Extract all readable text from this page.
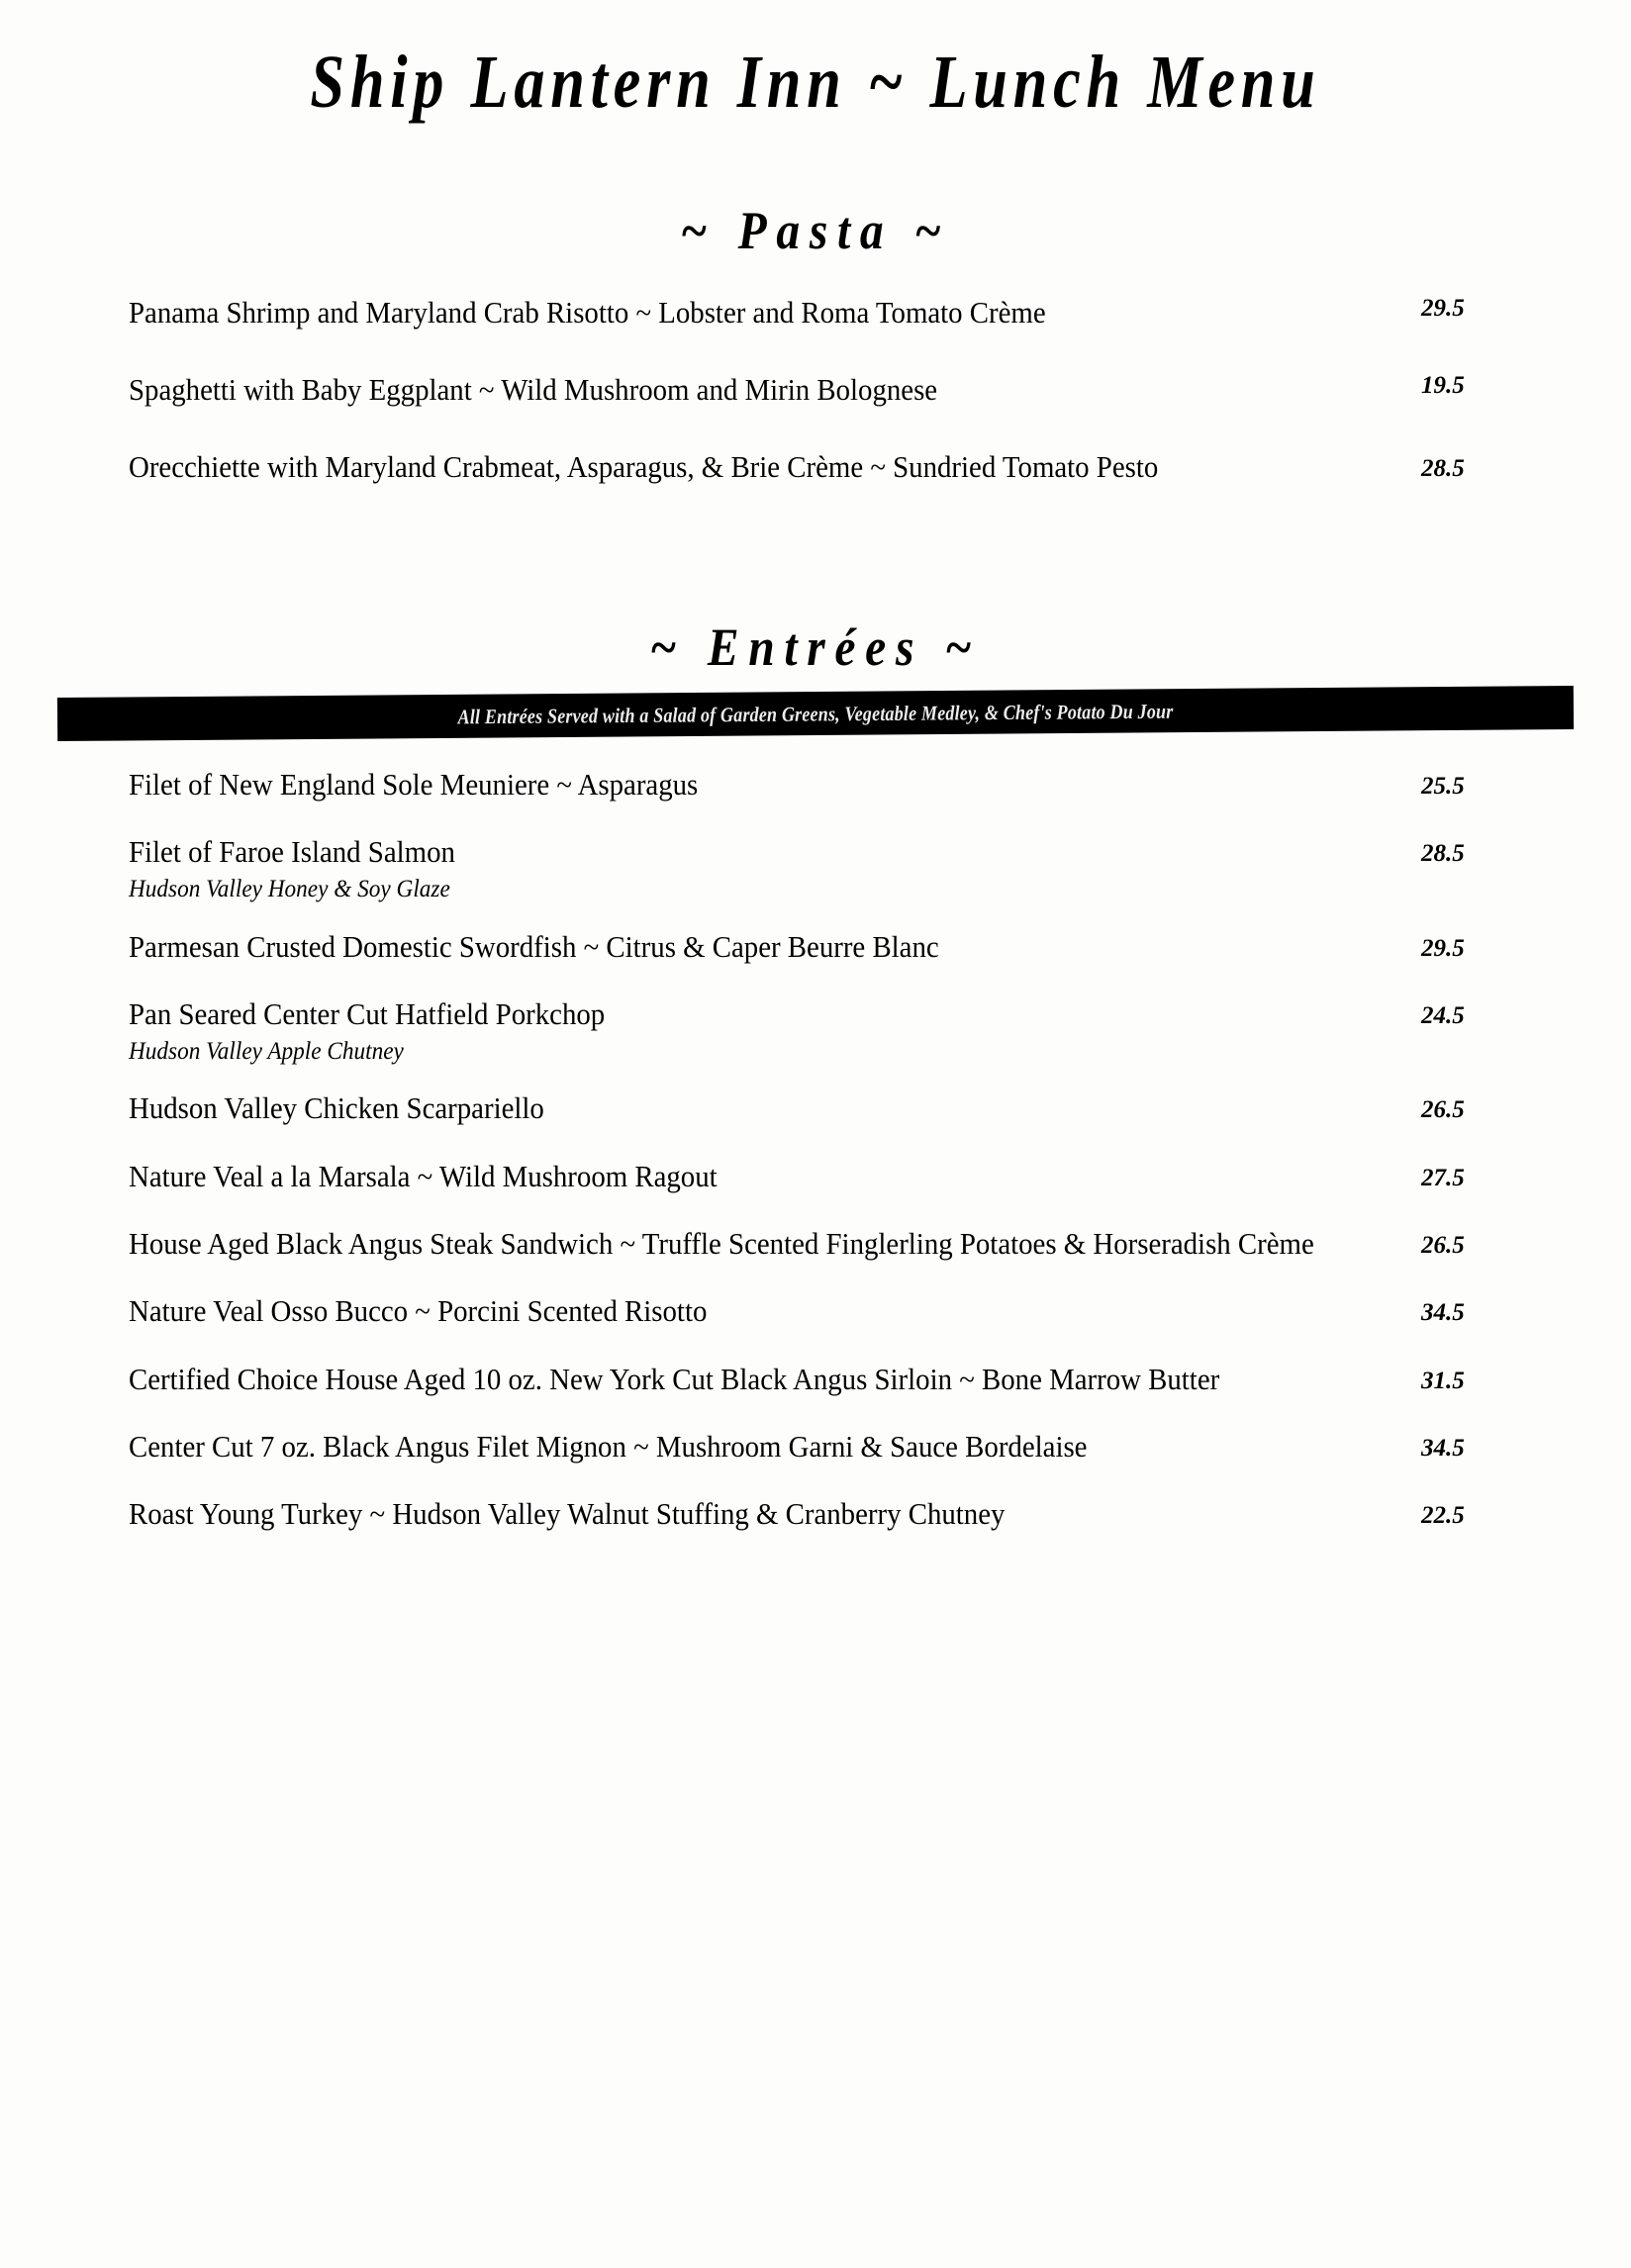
Ship Lantern Inn ~ Lunch Menu
~ Pasta ~
Panama Shrimp and Maryland Crab Risotto ~ Lobster and Roma Tomato Crème	29.5
Spaghetti with Baby Eggplant ~ Wild Mushroom and Mirin Bolognese	19.5
Orecchiette with Maryland Crabmeat, Asparagus, & Brie Crème ~ Sundried Tomato Pesto	28.5
~ Entrées ~
All Entrées Served with a Salad of Garden Greens, Vegetable Medley, & Chef's Potato Du Jour
Filet of New England Sole Meuniere ~ Asparagus	25.5
Filet of Faroe Island Salmon
Hudson Valley Honey & Soy Glaze
28.5
Parmesan Crusted Domestic Swordfish ~ Citrus & Caper Beurre Blanc	29.5
Pan Seared Center Cut Hatfield Porkchop
Hudson Valley Apple Chutney
24.5
Hudson Valley Chicken Scarpariello	26.5
Nature Veal a la Marsala ~ Wild Mushroom Ragout	27.5
House Aged Black Angus Steak Sandwich ~ Truffle Scented Finglerling Potatoes & Horseradish Crème	26.5
Nature Veal Osso Bucco ~ Porcini Scented Risotto	34.5
Certified Choice House Aged 10 oz. New York Cut Black Angus Sirloin ~ Bone Marrow Butter	31.5
Center Cut 7 oz. Black Angus Filet Mignon ~ Mushroom Garni & Sauce Bordelaise	34.5
Roast Young Turkey ~ Hudson Valley Walnut Stuffing & Cranberry Chutney	22.5
